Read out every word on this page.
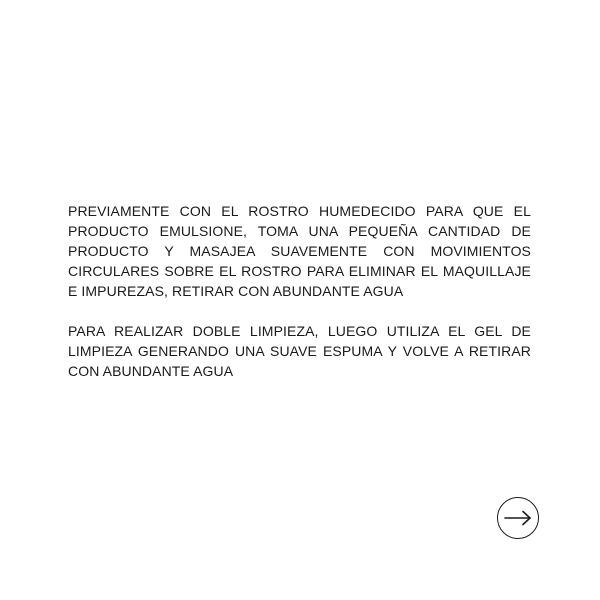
PREVIAMENTE CON EL ROSTRO HUMEDECIDO PARA QUE EL PRODUCTO EMULSIONE, TOMA UNA PEQUEÑA CANTIDAD DE PRODUCTO Y MASAJEA SUAVEMENTE CON MOVIMIENTOS CIRCULARES SOBRE EL ROSTRO PARA ELIMINAR EL MAQUILLAJE E IMPUREZAS, RETIRAR CON ABUNDANTE AGUA

PARA REALIZAR DOBLE LIMPIEZA, LUEGO UTILIZA EL GEL DE LIMPIEZA GENERANDO UNA SUAVE ESPUMA Y VOLVE A RETIRAR CON ABUNDANTE AGUA
